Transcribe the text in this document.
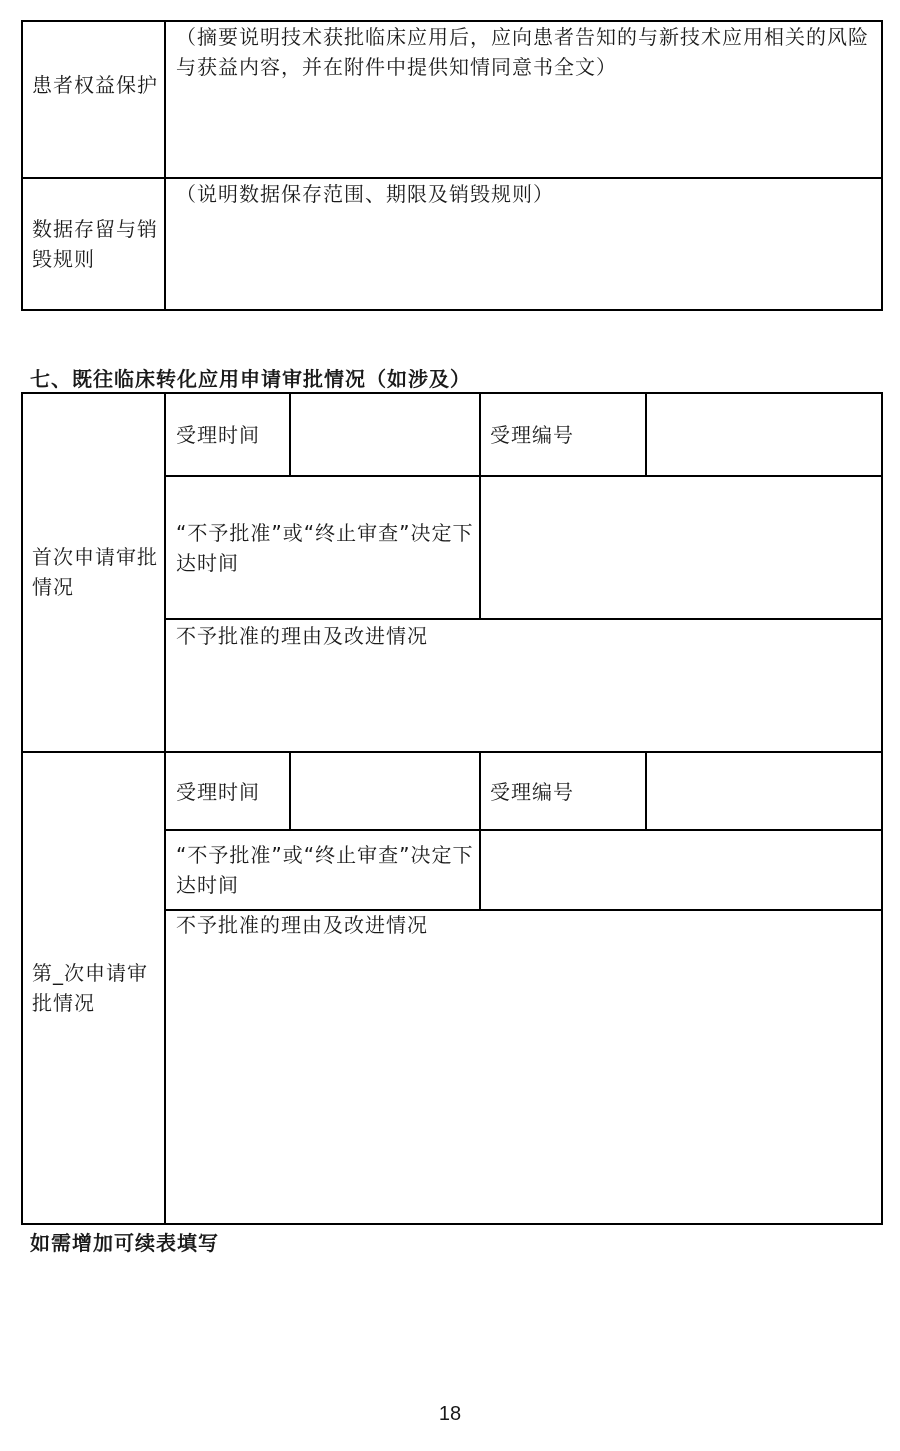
患者权益保护
（摘要说明技术获批临床应用后，应向患者告知的与新技术应用相关的风险与获益内容，并在附件中提供知情同意书全文）
数据存留与销毁规则
（说明数据保存范围、期限及销毁规则）
七、既往临床转化应用申请审批情况（如涉及）
首次申请审批情况
受理时间	受理编号
“不予批准”或“终止审查”决定下达时间
不予批准的理由及改进情况
第_次申请审批情况
受理时间	受理编号
“不予批准”或“终止审查”决定下达时间
不予批准的理由及改进情况
如需增加可续表填写
18
